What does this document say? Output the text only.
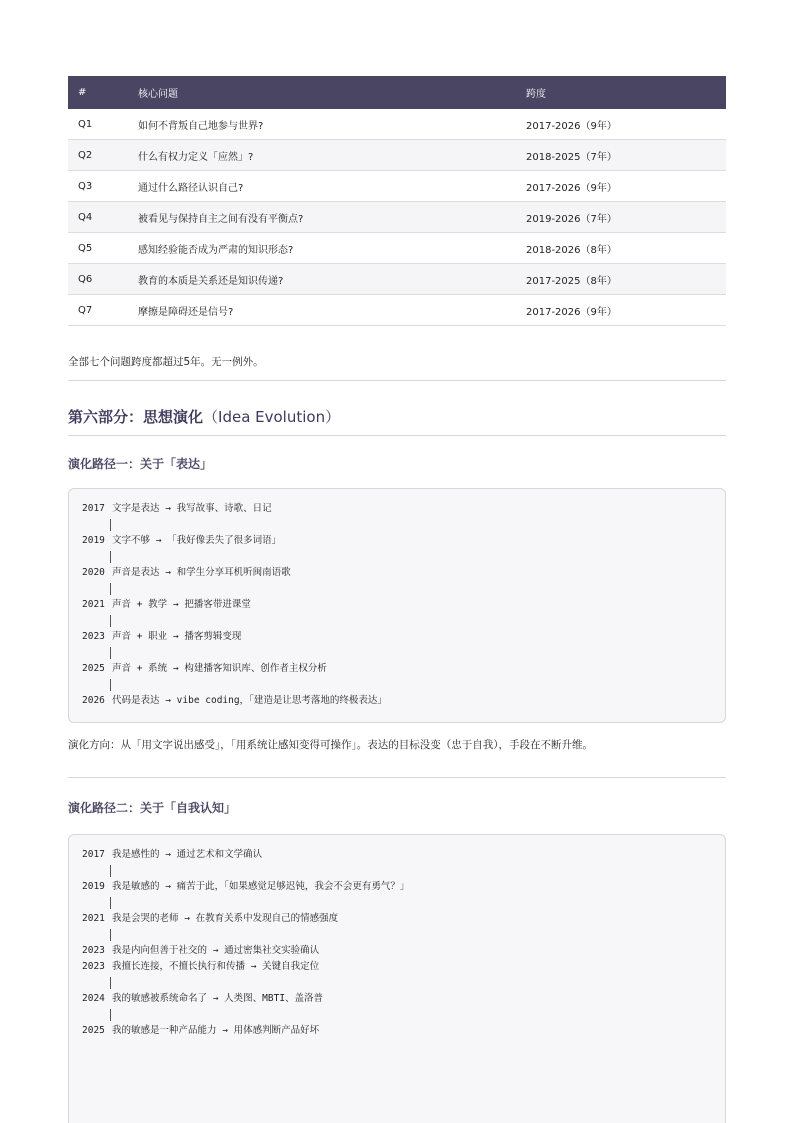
#	核心问题	跨度
Q1	如何不背叛自己地参与世界?	2017-2026（9年）
Q2	什么有权力定义「应然」?	2018-2025（7年）
Q3	通过什么路径认识自己?	2017-2026（9年）
Q4	被看见与保持自主之间有没有平衡点?	2019-2026（7年）
Q5	感知经验能否成为严肃的知识形态?	2018-2026（8年）
Q6	教育的本质是关系还是知识传递?	2017-2025（8年）
Q7	摩擦是障碍还是信号?	2017-2026（9年）
全部七个问题跨度都超过5年。无一例外。
第六部分：思想演化（Idea Evolution）
演化路径一：关于「表达」
2017 文字是表达 → 我写故事、诗歌、日记
2019 文字不够 → 「我好像丢失了很多词语」
2020 声音是表达 → 和学生分享耳机听闽南语歌
2021 声音 + 教学 → 把播客带进课堂
2023 声音 + 职业 → 播客剪辑变现
2025 声音 + 系统 → 构建播客知识库、创作者主权分析
2026 代码是表达 → vibe coding，「建造是让思考落地的终极表达」
演化方向：从「用文字说出感受」，「用系统让感知变得可操作」。表达的目标没变（忠于自我），手段在不断升维。
演化路径二：关于「自我认知」
2017 我是感性的 → 通过艺术和文学确认
2019 我是敏感的 → 痛苦于此，「如果感觉足够迟钝，我会不会更有勇气？」
2021 我是会哭的老师 → 在教育关系中发现自己的情感强度
2023 我是内向但善于社交的 → 通过密集社交实验确认
2023 我擅长连接，不擅长执行和传播 → 关键自我定位
2024 我的敏感被系统命名了 → 人类图、MBTI、盖洛普
2025 我的敏感是一种产品能力 → 用体感判断产品好坏
